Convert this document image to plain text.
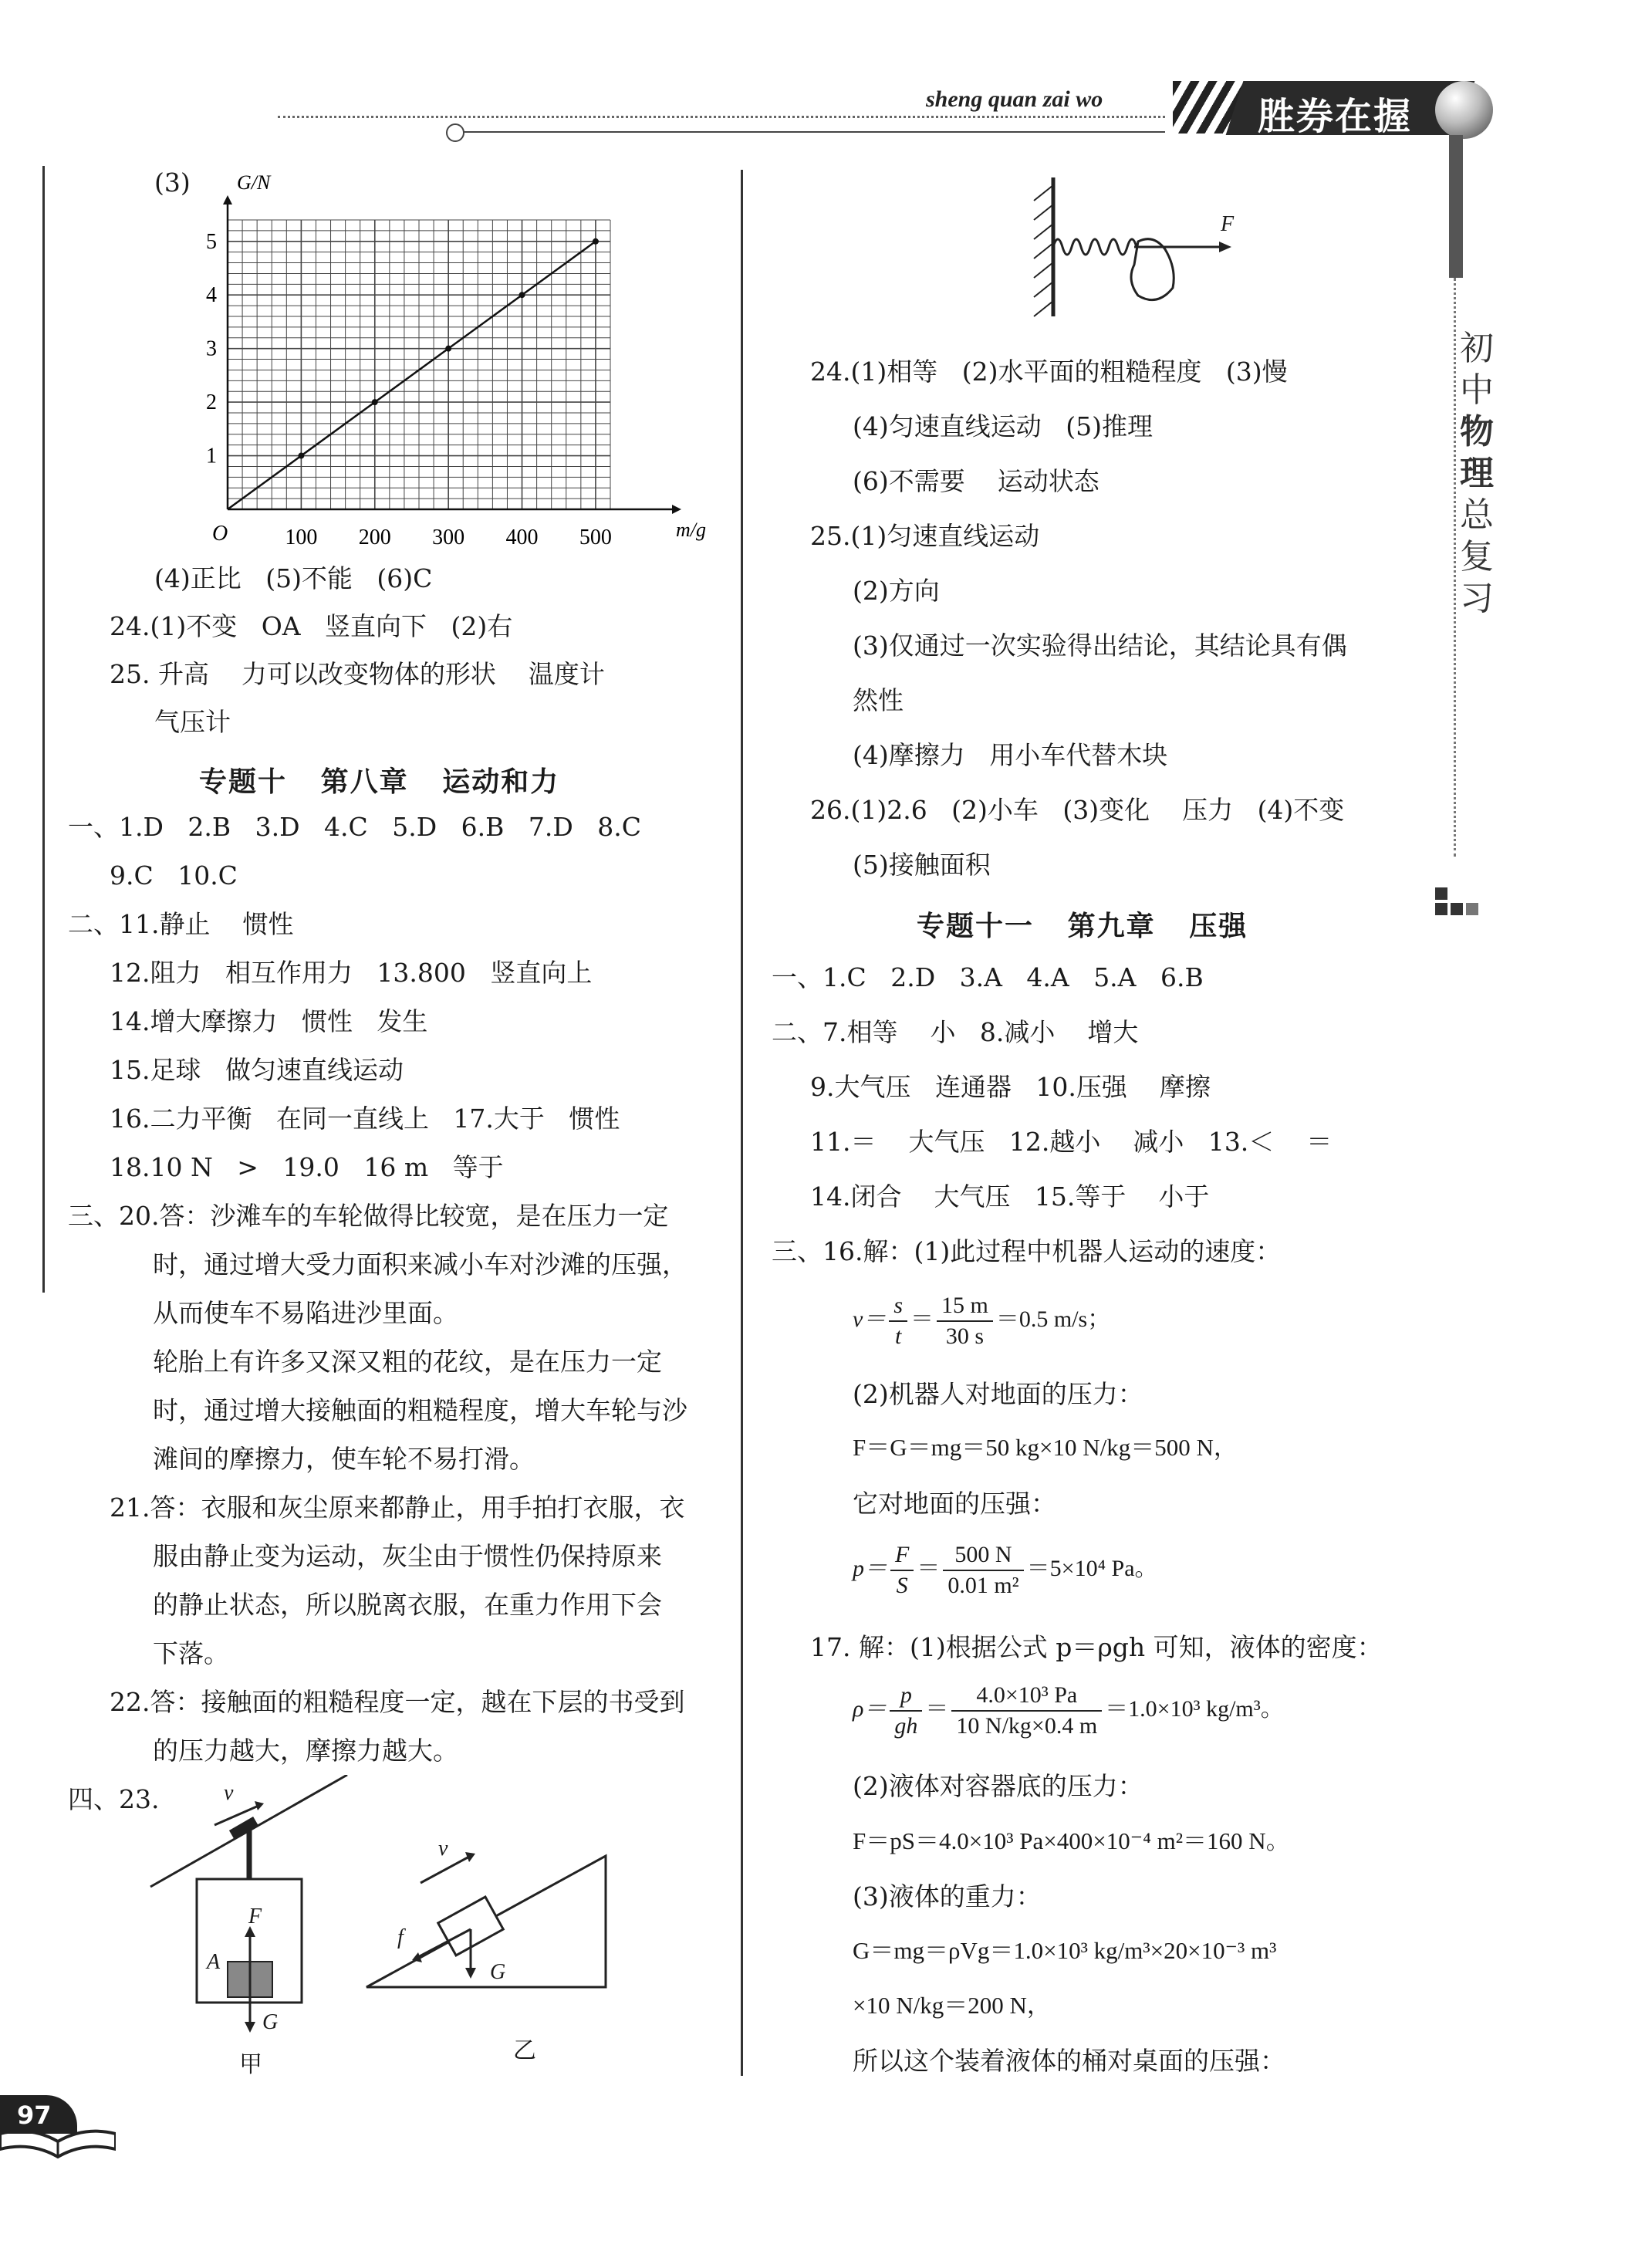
sheng quan zai wo	胜券在握
初
中
物
理
总
复
习
(3)
100 200 300 400 500
1
2
3
4
5
O	m/g
G/N
(4)正比   (5)不能   (6)C
24.(1)不变   OA   竖直向下   (2)右
25. 升高    力可以改变物体的形状    温度计
气压计
专题十   第八章   运动和力
一、1.D   2.B   3.D   4.C   5.D   6.B   7.D   8.C
9.C   10.C
二、11.静止    惯性
12.阻力   相互作用力   13.800   竖直向上
14.增大摩擦力   惯性   发生
15.足球   做匀速直线运动
16.二力平衡   在同一直线上   17.大于   惯性
18.10 N   >   19.0   16 m   等于
三、20.答：沙滩车的车轮做得比较宽，是在压力一定
时，通过增大受力面积来减小车对沙滩的压强，
从而使车不易陷进沙里面。
轮胎上有许多又深又粗的花纹，是在压力一定
时，通过增大接触面的粗糙程度，增大车轮与沙
滩间的摩擦力，使车轮不易打滑。
21.答：衣服和灰尘原来都静止，用手拍打衣服，衣
服由静止变为运动，灰尘由于惯性仍保持原来
的静止状态，所以脱离衣服，在重力作用下会
下落。
22.答：接触面的粗糙程度一定，越在下层的书受到
的压力越大，摩擦力越大。
四、23.	v
F
A
G
甲
v
f
G
乙
97
F
24.(1)相等   (2)水平面的粗糙程度   (3)慢
(4)匀速直线运动   (5)推理
(6)不需要    运动状态
25.(1)匀速直线运动
(2)方向
(3)仅通过一次实验得出结论，其结论具有偶
然性
(4)摩擦力   用小车代替木块
26.(1)2.6   (2)小车   (3)变化    压力   (4)不变
(5)接触面积
专题十一   第九章   压强
一、1.C   2.D   3.A   4.A   5.A   6.B
二、7.相等    小   8.减小    增大
9.大气压   连通器   10.压强    摩擦
11.＝    大气压   12.越小    减小   13.＜    ＝
14.闭合    大气压   15.等于    小于
三、16.解：(1)此过程中机器人运动的速度：
$v= \frac{s}{t} = \frac{15 m}{30 s} =0.5$ m/s；
(2)机器人对地面的压力：
F＝G＝mg＝50 kg×10 N/kg＝500 N，
它对地面的压强：
$p= \frac{F}{S} = \frac{500 N}{\text{0.01 m²}} =5\times 10^4$ Pa。
17. 解：(1)根据公式 p＝ρgh 可知，液体的密度：
$\rho= \frac{p}{gh} = \frac{\text{4.0×10³ Pa}}{10 N/kg\times 0.4 m} =1.0\times 10^3$ kg/m³。
(2)液体对容器底的压力：
F＝pS＝4.0×10³ Pa×400×10⁻⁴ m²＝160 N。
(3)液体的重力：
G＝mg＝ρVg＝1.0×10³ kg/m³×20×10⁻³ m³
×10 N/kg＝200 N，
所以这个装着液体的桶对桌面的压强：
